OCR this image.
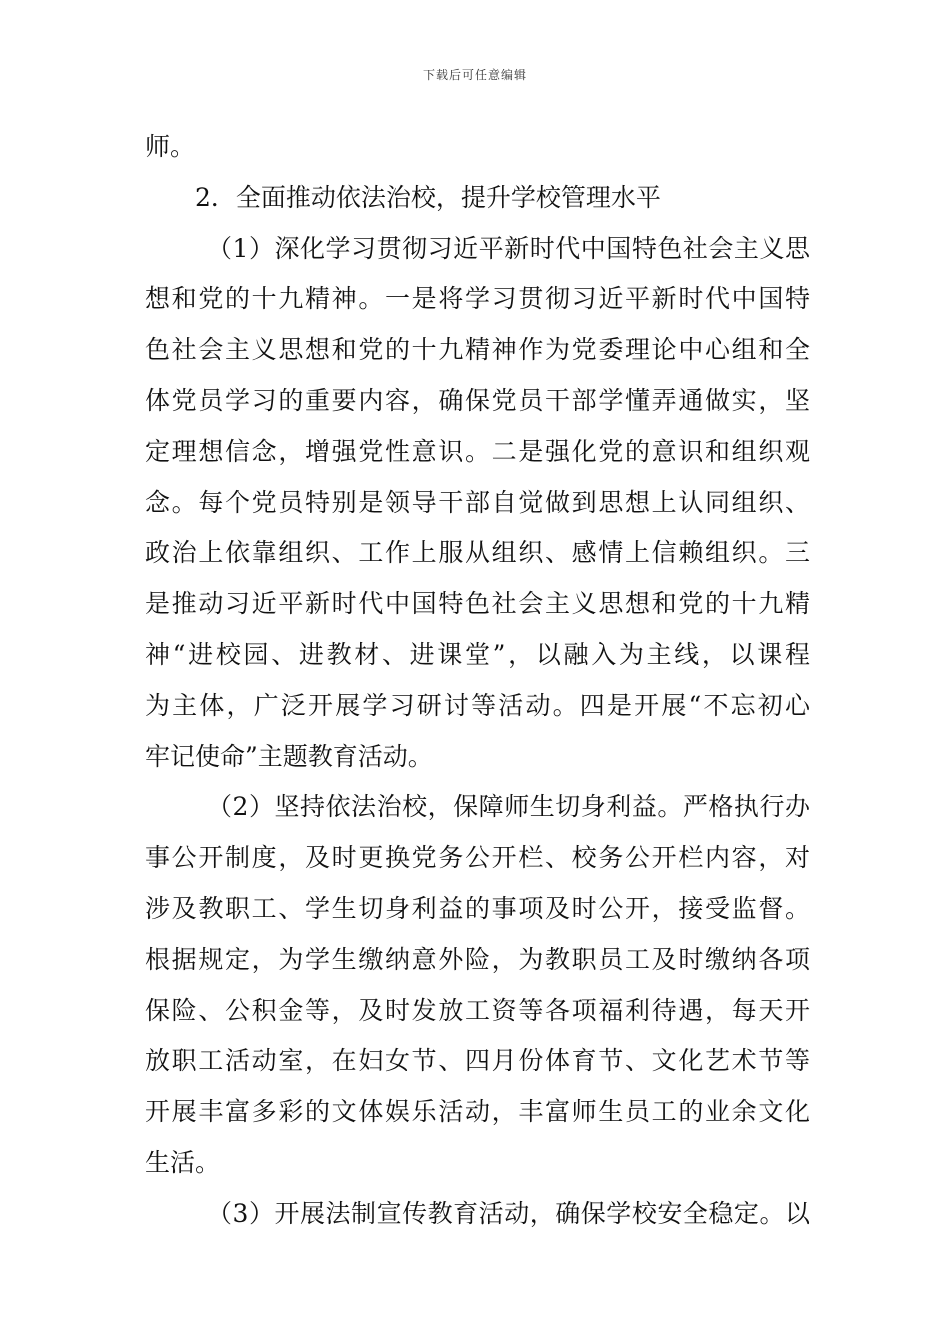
下载后可任意编辑
师。
2．全面推动依法治校，提升学校管理水平
（1）深化学习贯彻习近平新时代中国特色社会主义思
想和党的十九精神。一是将学习贯彻习近平新时代中国特
色社会主义思想和党的十九精神作为党委理论中心组和全
体党员学习的重要内容，确保党员干部学懂弄通做实，坚
定理想信念，增强党性意识。二是强化党的意识和组织观
念。每个党员特别是领导干部自觉做到思想上认同组织、
政治上依靠组织、工作上服从组织、感情上信赖组织。三
是推动习近平新时代中国特色社会主义思想和党的十九精
神“进校园、进教材、进课堂”，以融入为主线，以课程
为主体，广泛开展学习研讨等活动。四是开展“不忘初心
牢记使命”主题教育活动。
（2）坚持依法治校，保障师生切身利益。严格执行办
事公开制度，及时更换党务公开栏、校务公开栏内容，对
涉及教职工、学生切身利益的事项及时公开，接受监督。
根据规定，为学生缴纳意外险，为教职员工及时缴纳各项
保险、公积金等，及时发放工资等各项福利待遇，每天开
放职工活动室，在妇女节、四月份体育节、文化艺术节等
开展丰富多彩的文体娱乐活动，丰富师生员工的业余文化
生活。
（3）开展法制宣传教育活动，确保学校安全稳定。以
